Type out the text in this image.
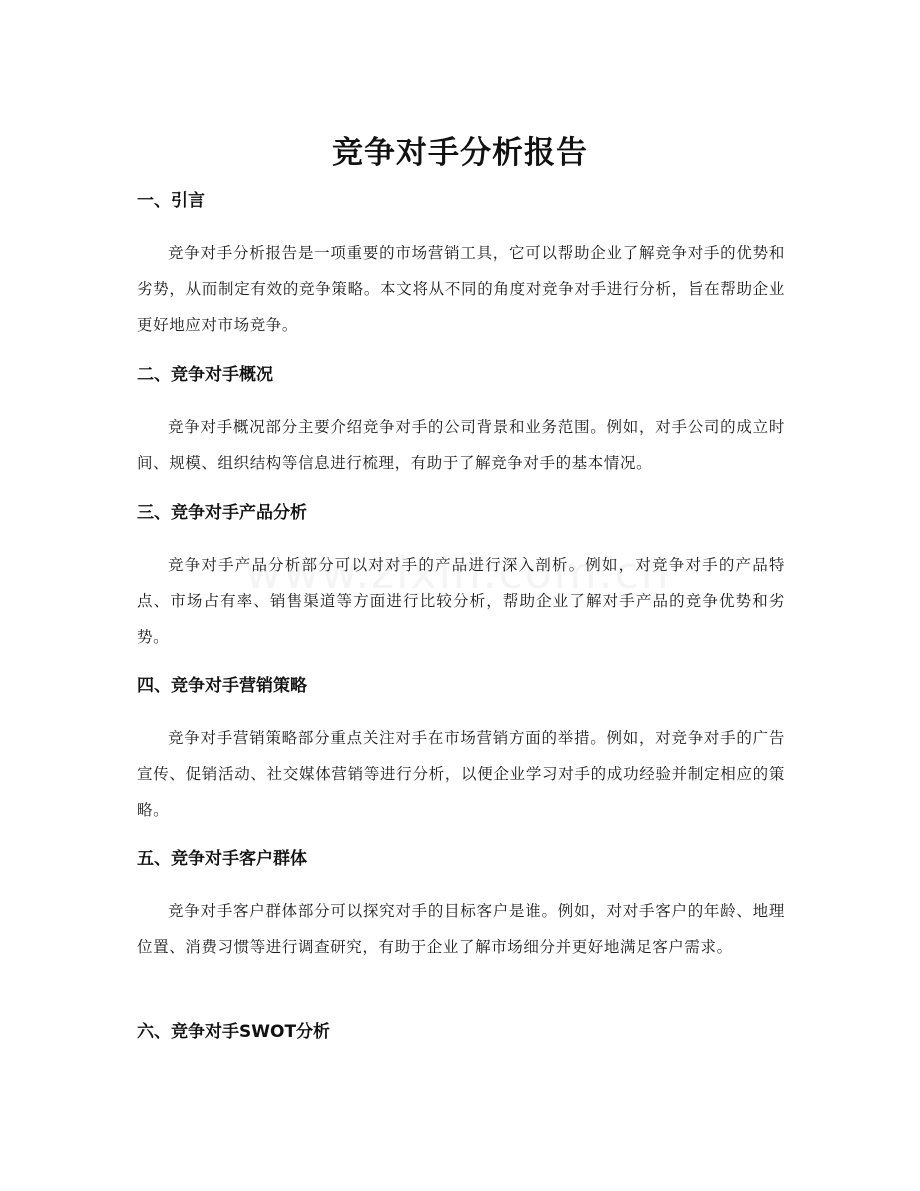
竞争对手分析报告
一、引言

竞争对手分析报告是一项重要的市场营销工具，它可以帮助企业了解竞争对手的优势和劣势，从而制定有效的竞争策略。本文将从不同的角度对竞争对手进行分析，旨在帮助企业更好地应对市场竞争。

二、竞争对手概况

竞争对手概况部分主要介绍竞争对手的公司背景和业务范围。例如，对手公司的成立时间、规模、组织结构等信息进行梳理，有助于了解竞争对手的基本情况。

三、竞争对手产品分析

竞争对手产品分析部分可以对对手的产品进行深入剖析。例如，对竞争对手的产品特点、市场占有率、销售渠道等方面进行比较分析，帮助企业了解对手产品的竞争优势和劣势。

四、竞争对手营销策略

竞争对手营销策略部分重点关注对手在市场营销方面的举措。例如，对竞争对手的广告宣传、促销活动、社交媒体营销等进行分析，以便企业学习对手的成功经验并制定相应的策略。

五、竞争对手客户群体

竞争对手客户群体部分可以探究对手的目标客户是谁。例如，对对手客户的年龄、地理位置、消费习惯等进行调查研究，有助于企业了解市场细分并更好地满足客户需求。

六、竞争对手SWOT分析
